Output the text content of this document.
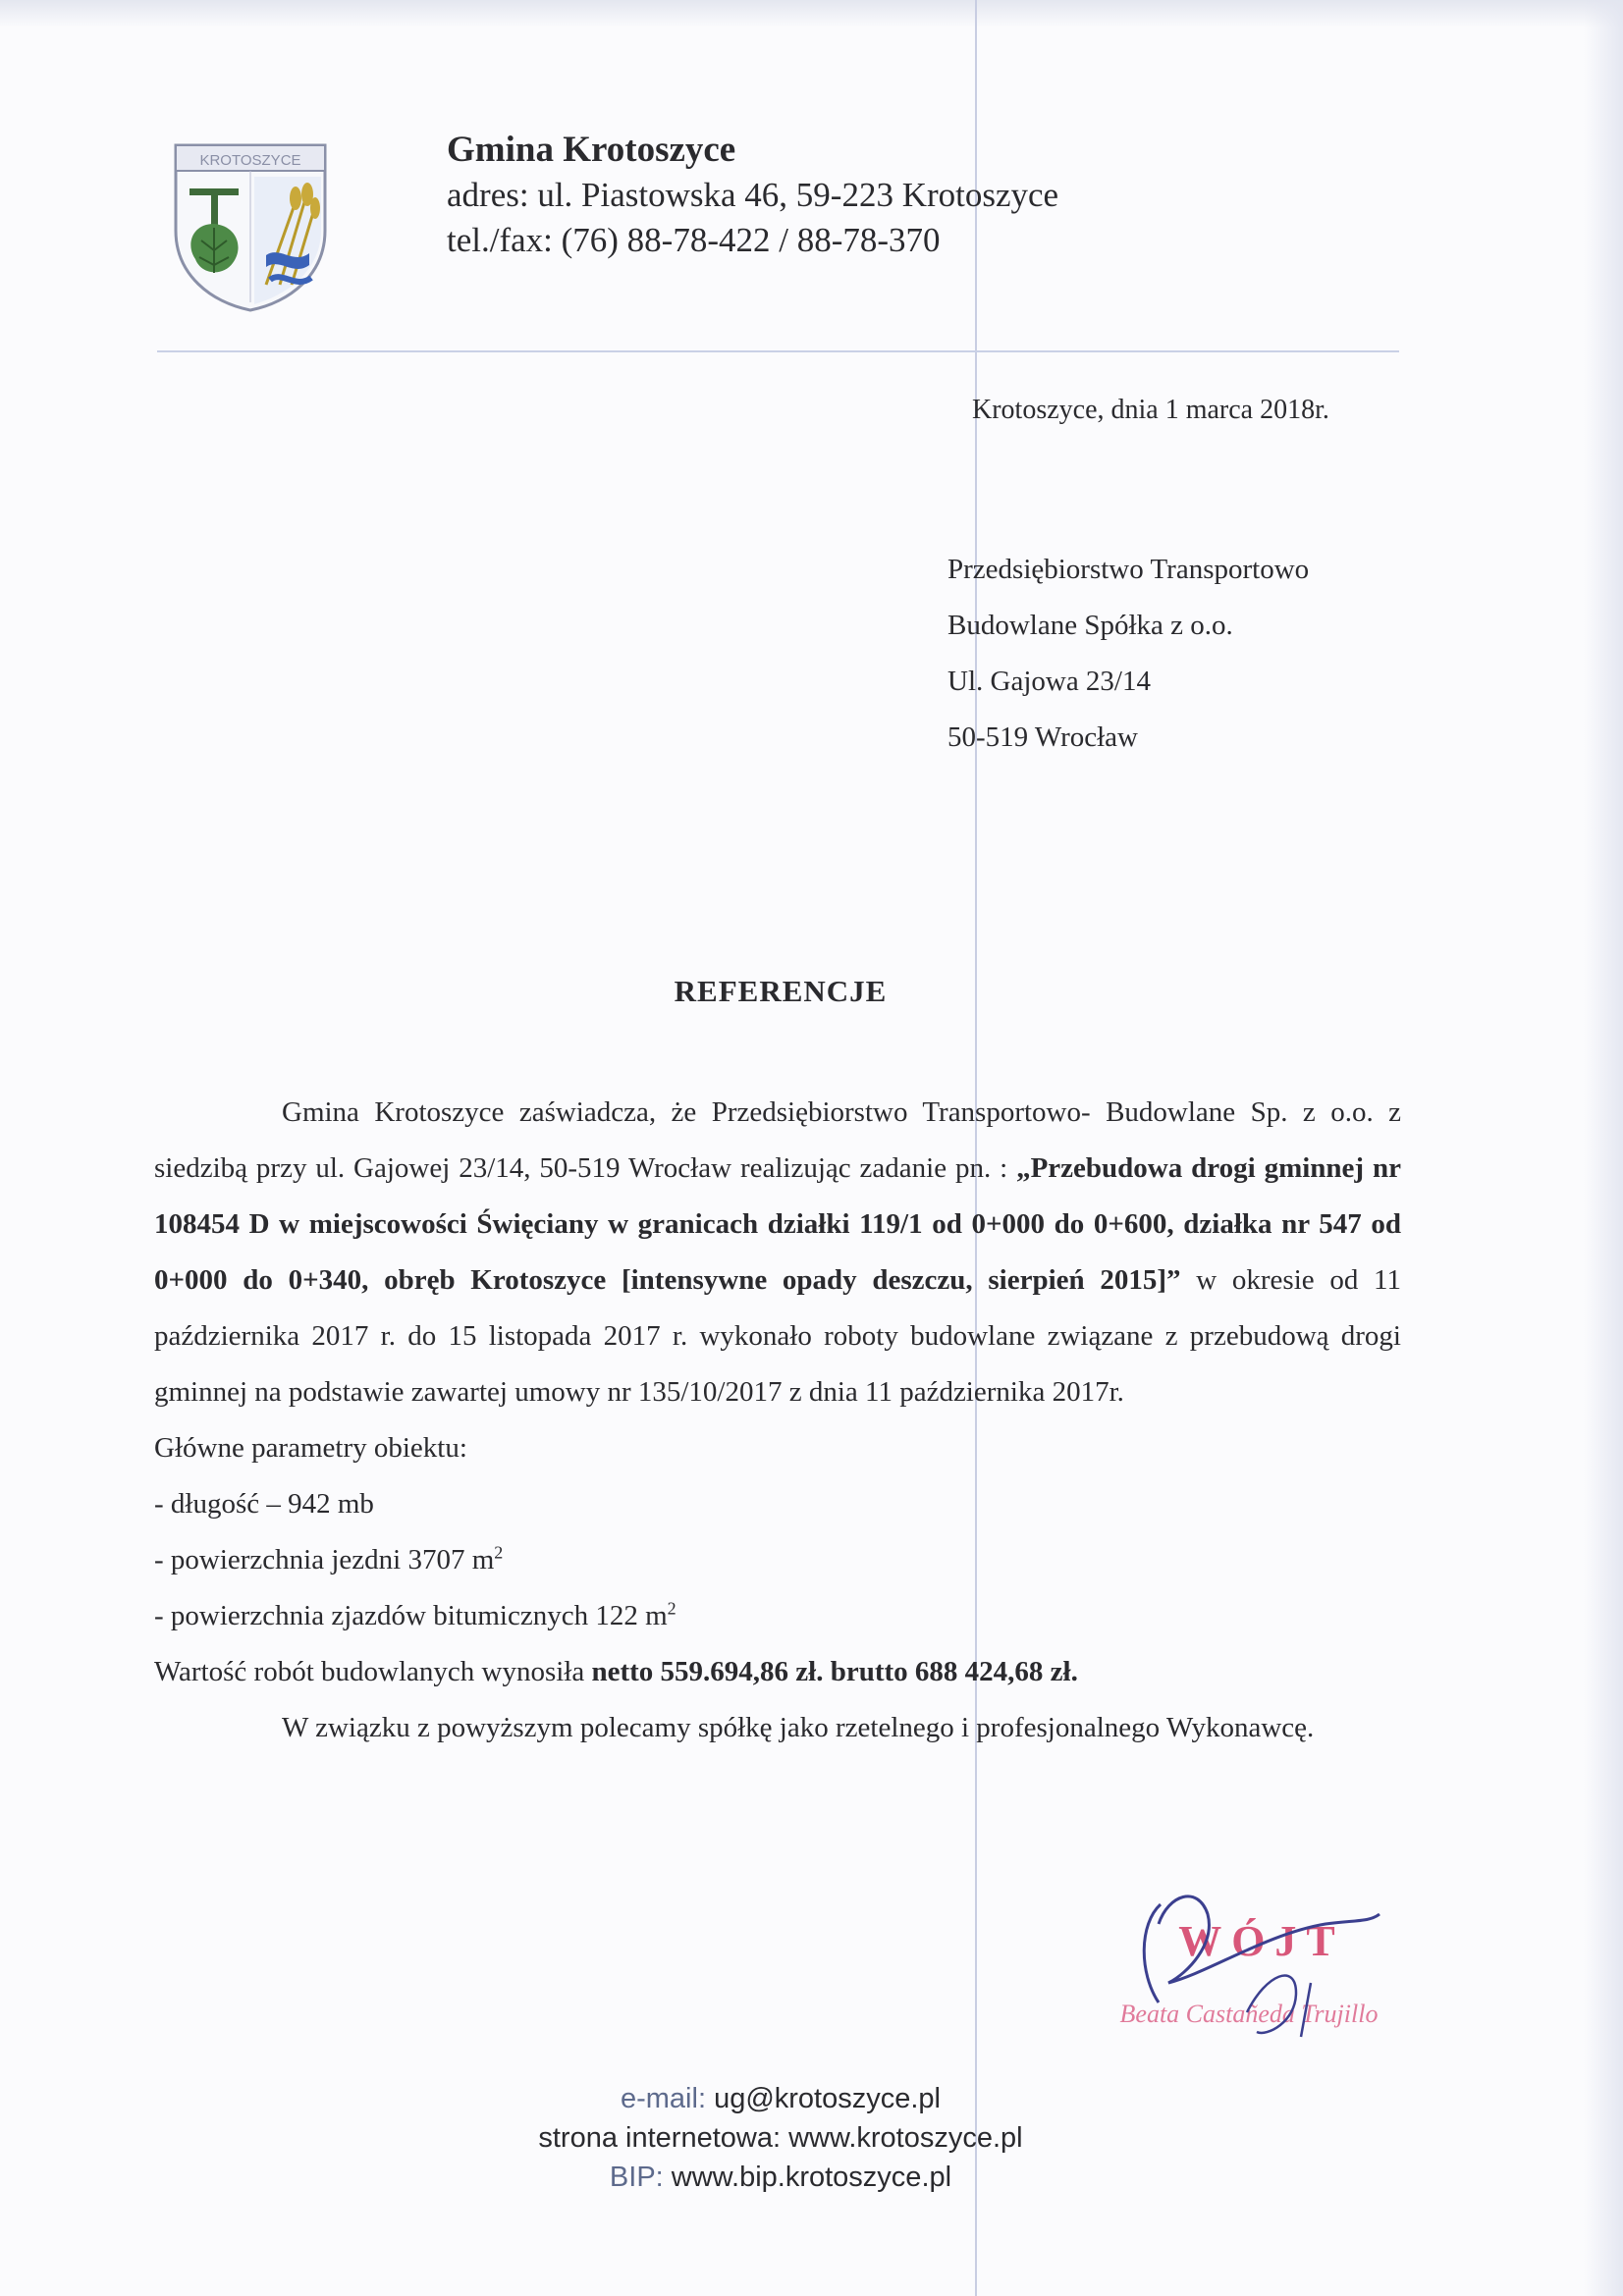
KROTOSZYCE	Gmina Krotoszyce
adres: ul. Piastowska 46, 59-223 Krotoszyce
tel./fax: (76) 88-78-422 / 88-78-370
Krotoszyce, dnia 1 marca 2018r.
Przedsiębiorstwo Transportowo
Budowlane Spółka z o.o.
Ul. Gajowa 23/14
50-519 Wrocław
REFERENCJE

Gmina Krotoszyce zaświadcza, że Przedsiębiorstwo Transportowo- Budowlane Sp. z o.o. z siedzibą przy ul. Gajowej 23/14, 50-519 Wrocław realizując zadanie pn. : „Przebudowa drogi gminnej nr 108454 D w miejscowości Święciany w granicach działki 119/1 od 0+000 do 0+600, działka nr 547 od 0+000 do 0+340, obręb Krotoszyce [intensywne opady deszczu, sierpień 2015]” w okresie od 11 października 2017 r. do 15 listopada 2017 r. wykonało roboty budowlane związane z przebudową drogi gminnej na podstawie zawartej umowy nr 135/10/2017 z dnia 11 października 2017r.

Główne parametry obiektu:

- długość – 942 mb

- powierzchnia jezdni 3707 $m^2$

- powierzchnia zjazdów bitumicznych 122 $m^2$

Wartość robót budowlanych wynosiła netto 559.694,86 zł. brutto 688 424,68 zł.

W związku z powyższym polecamy spółkę jako rzetelnego i profesjonalnego Wykonawcę.

WÓJT
Beata Castañeda Trujillo
e-mail: ug@krotoszyce.pl
strona internetowa: www.krotoszyce.pl
BIP: www.bip.krotoszyce.pl
